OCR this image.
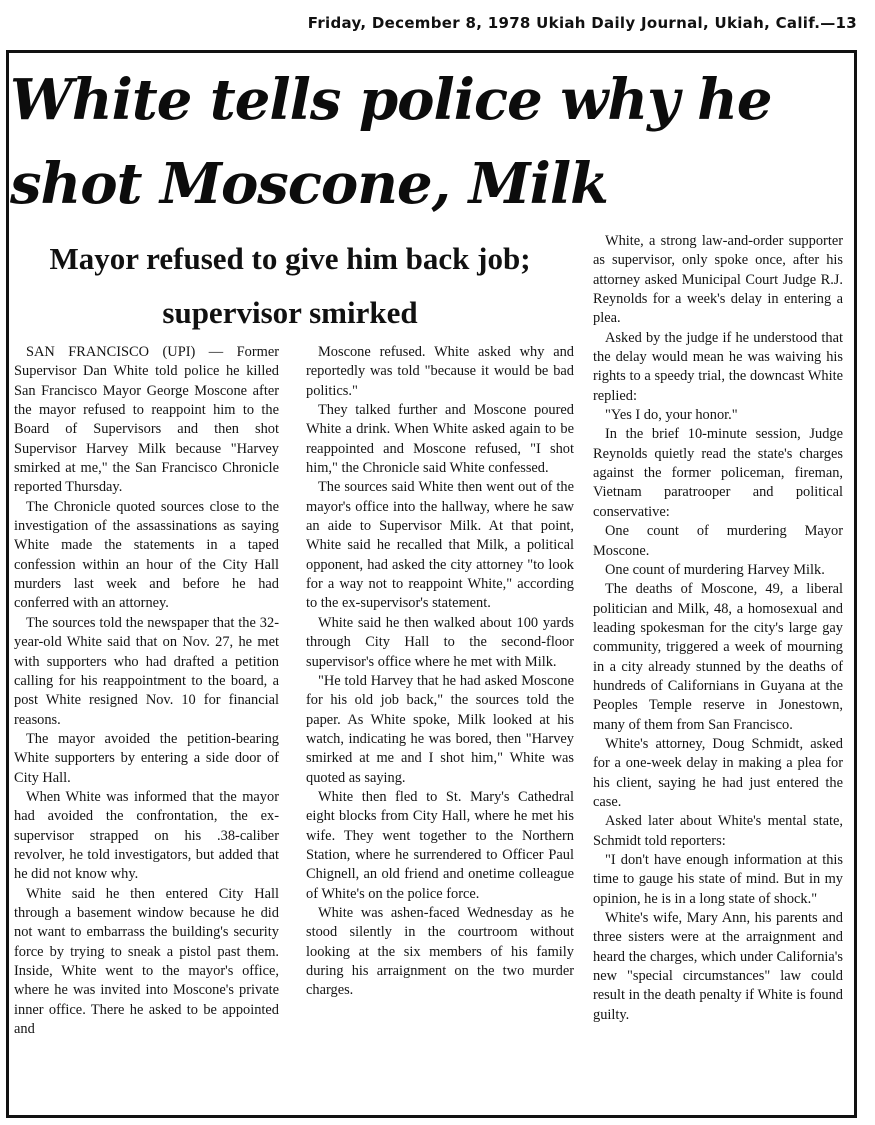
Friday, December 8, 1978 Ukiah Daily Journal, Ukiah, Calif.—13
White tells police why he shot Moscone, Milk
Mayor refused to give him back job; supervisor smirked

SAN FRANCISCO (UPI) — Former Supervisor Dan White told police he killed San Francisco Mayor George Moscone after the mayor refused to reappoint him to the Board of Supervisors and then shot Supervisor Harvey Milk because "Harvey smirked at me," the San Francisco Chronicle reported Thursday.

The Chronicle quoted sources close to the investigation of the assassinations as saying White made the statements in a taped confession within an hour of the City Hall murders last week and before he had conferred with an attorney.

The sources told the newspaper that the 32-year-old White said that on Nov. 27, he met with supporters who had drafted a petition calling for his reappointment to the board, a post White resigned Nov. 10 for financial reasons.

The mayor avoided the petition-bearing White supporters by entering a side door of City Hall.

When White was informed that the mayor had avoided the confrontation, the ex-supervisor strapped on his .38-caliber revolver, he told investigators, but added that he did not know why.

White said he then entered City Hall through a basement window because he did not want to embarrass the building's security force by trying to sneak a pistol past them. Inside, White went to the mayor's office, where he was invited into Moscone's private inner office. There he asked to be appointed and

Moscone refused. White asked why and reportedly was told "because it would be bad politics."

They talked further and Moscone poured White a drink. When White asked again to be reappointed and Moscone refused, "I shot him," the Chronicle said White confessed.

The sources said White then went out of the mayor's office into the hallway, where he saw an aide to Supervisor Milk. At that point, White said he recalled that Milk, a political opponent, had asked the city attorney "to look for a way not to reappoint White," according to the ex-supervisor's statement.

White said he then walked about 100 yards through City Hall to the second-floor supervisor's office where he met with Milk.

"He told Harvey that he had asked Moscone for his old job back," the sources told the paper. As White spoke, Milk looked at his watch, indicating he was bored, then "Harvey smirked at me and I shot him," White was quoted as saying.

White then fled to St. Mary's Cathedral eight blocks from City Hall, where he met his wife. They went together to the Northern Station, where he surrendered to Officer Paul Chignell, an old friend and onetime colleague of White's on the police force.

White was ashen-faced Wednesday as he stood silently in the courtroom without looking at the six members of his family during his arraignment on the two murder charges.

White, a strong law-and-order supporter as supervisor, only spoke once, after his attorney asked Municipal Court Judge R.J. Reynolds for a week's delay in entering a plea.

Asked by the judge if he understood that the delay would mean he was waiving his rights to a speedy trial, the downcast White replied:

"Yes I do, your honor."

In the brief 10-minute session, Judge Reynolds quietly read the state's charges against the former policeman, fireman, Vietnam paratrooper and political conservative:

One count of murdering Mayor Moscone.

One count of murdering Harvey Milk.

The deaths of Moscone, 49, a liberal politician and Milk, 48, a homosexual and leading spokesman for the city's large gay community, triggered a week of mourning in a city already stunned by the deaths of hundreds of Californians in Guyana at the Peoples Temple reserve in Jonestown, many of them from San Francisco.

White's attorney, Doug Schmidt, asked for a one-week delay in making a plea for his client, saying he had just entered the case.

Asked later about White's mental state, Schmidt told reporters:

"I don't have enough information at this time to gauge his state of mind. But in my opinion, he is in a long state of shock."

White's wife, Mary Ann, his parents and three sisters were at the arraignment and heard the charges, which under California's new "special circumstances" law could result in the death penalty if White is found guilty.
